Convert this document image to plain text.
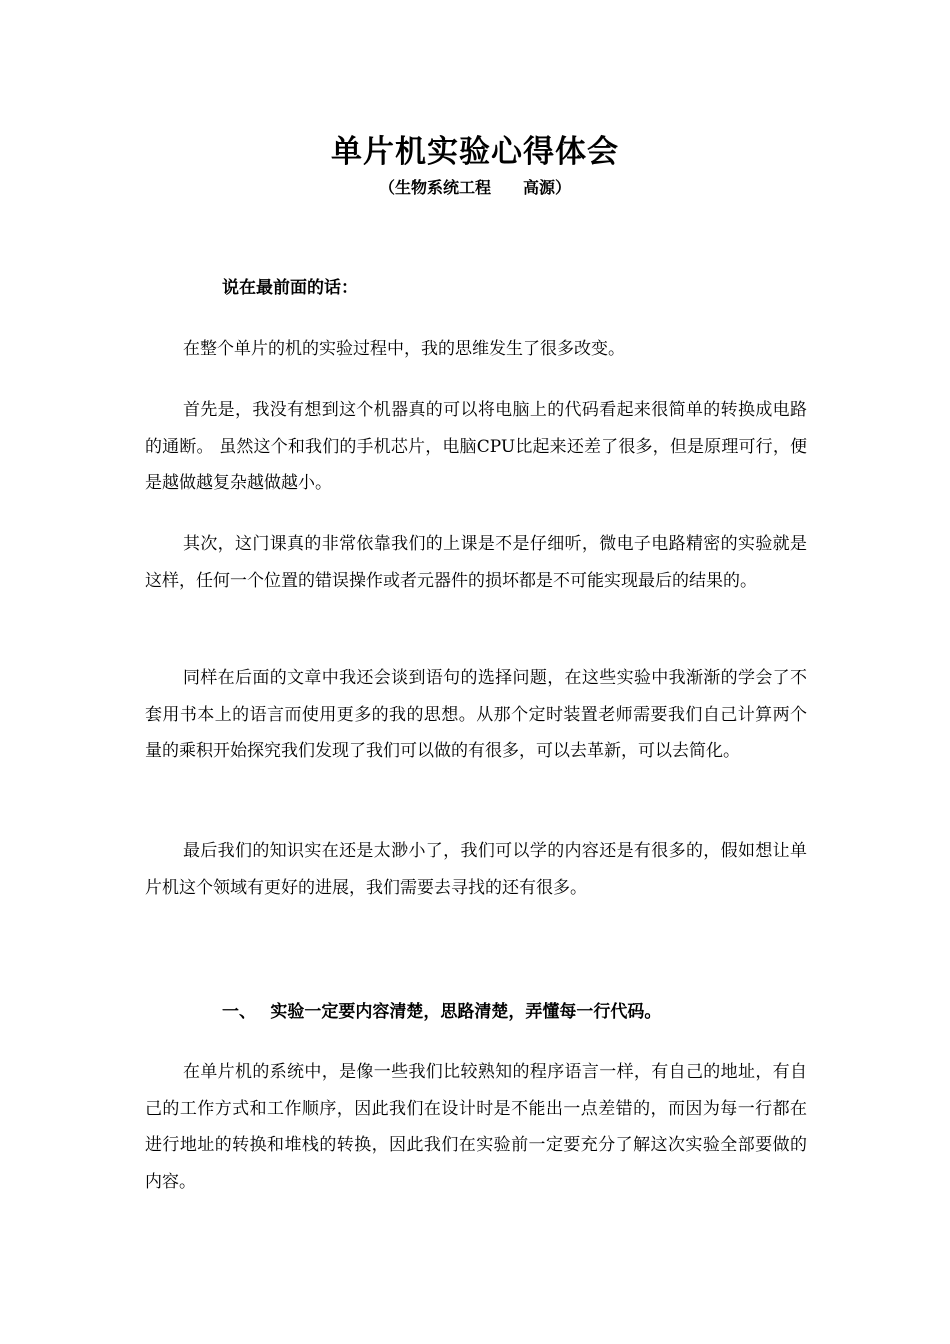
单片机实验心得体会
（生物系统工程　　高源）
说在最前面的话：

在整个单片的机的实验过程中，我的思维发生了很多改变。

首先是，我没有想到这个机器真的可以将电脑上的代码看起来很简单的转换成电路的通断。 虽然这个和我们的手机芯片，电脑CPU比起来还差了很多，但是原理可行，便是越做越复杂越做越小。

其次，这门课真的非常依靠我们的上课是不是仔细听，微电子电路精密的实验就是这样，任何一个位置的错误操作或者元器件的损坏都是不可能实现最后的结果的。

同样在后面的文章中我还会谈到语句的选择问题，在这些实验中我渐渐的学会了不套用书本上的语言而使用更多的我的思想。从那个定时装置老师需要我们自己计算两个量的乘积开始探究我们发现了我们可以做的有很多，可以去革新，可以去简化。

最后我们的知识实在还是太渺小了，我们可以学的内容还是有很多的，假如想让单片机这个领域有更好的进展，我们需要去寻找的还有很多。

一、　 实验一定要内容清楚，思路清楚，弄懂每一行代码。

在单片机的系统中，是像一些我们比较熟知的程序语言一样，有自己的地址，有自己的工作方式和工作顺序，因此我们在设计时是不能出一点差错的，而因为每一行都在进行地址的转换和堆栈的转换，因此我们在实验前一定要充分了解这次实验全部要做的内容。
